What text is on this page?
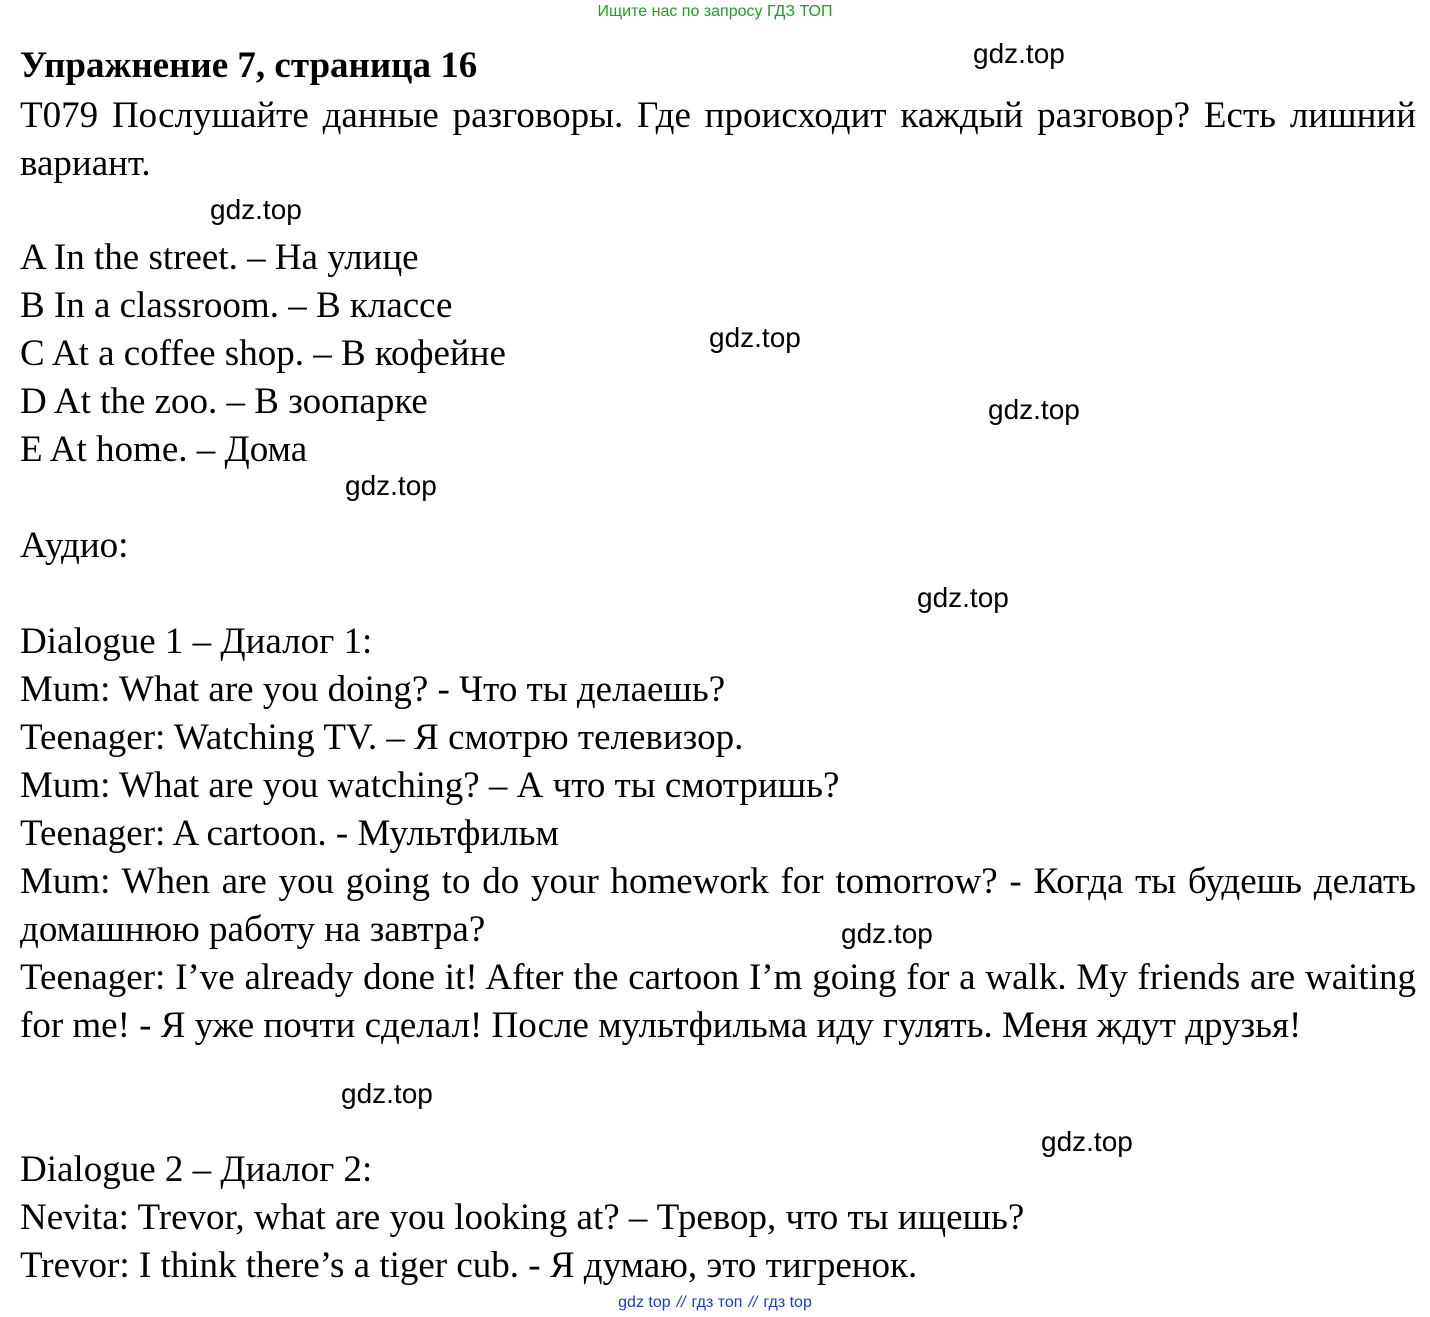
Ищите нас по запросу ГДЗ ТОП
Упражнение 7, страница 16
T079 Послушайте данные разговоры. Где происходит каждый разговор? Есть лишний вариант.
A In the street. – На улице
B In a classroom. – В классе
C At a coffee shop. – В кофейне
D At the zoo. – В зоопарке
E At home. – Дома
Аудио:
Dialogue 1 – Диалог 1:
Mum: What are you doing? - Что ты делаешь?
Teenager: Watching TV. – Я смотрю телевизор.
Mum: What are you watching? – А что ты смотришь?
Teenager: A cartoon. - Мультфильм
Mum: When are you going to do your homework for tomorrow? - Когда ты будешь делать домашнюю работу на завтра?
Teenager: I’ve already done it! After the cartoon I’m going for a walk. My friends are waiting for me! - Я уже почти сделал! После мультфильма иду гулять. Меня ждут друзья!
Dialogue 2 – Диалог 2:
Nevita: Trevor, what are you looking at? – Тревор, что ты ищешь?
Trevor: I think there’s a tiger cub. - Я думаю, это тигренок.
gdz.top
gdz.top
gdz.top
gdz.top
gdz.top
gdz.top
gdz.top
gdz.top
gdz.top
gdz top // гдз топ // гдз top
